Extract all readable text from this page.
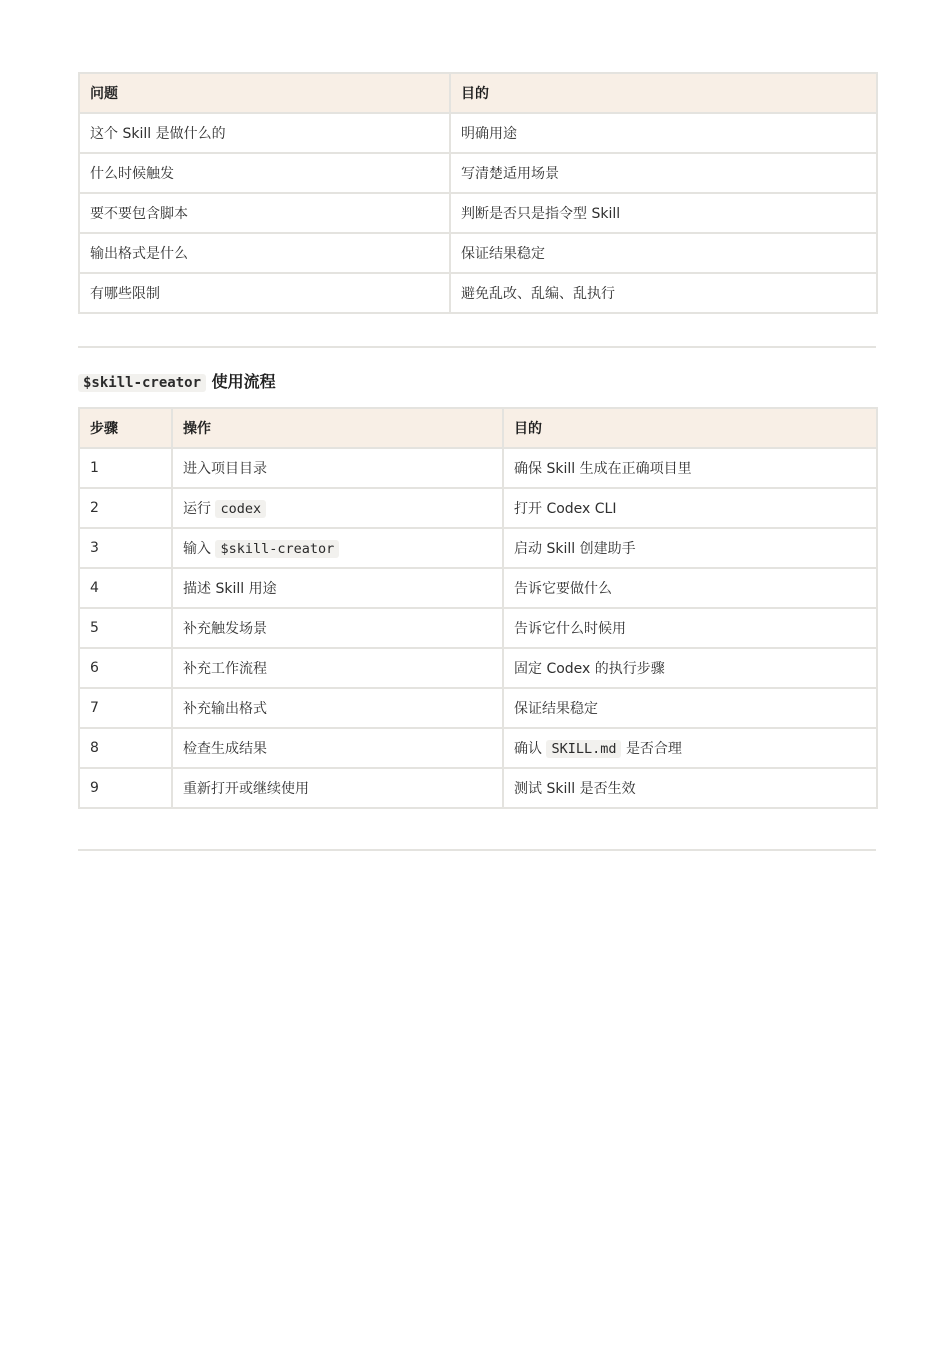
问题	目的
这个 Skill 是做什么的	明确用途
什么时候触发	写清楚适用场景
要不要包含脚本	判断是否只是指令型 Skill
输出格式是什么	保证结果稳定
有哪些限制	避免乱改、乱编、乱执行
$skill-creator 使用流程
步骤	操作	目的
1	进入项目目录	确保 Skill 生成在正确项目里
2	运行 codex	打开 Codex CLI
3	输入 $skill-creator	启动 Skill 创建助手
4	描述 Skill 用途	告诉它要做什么
5	补充触发场景	告诉它什么时候用
6	补充工作流程	固定 Codex 的执行步骤
7	补充输出格式	保证结果稳定
8	检查生成结果	确认 SKILL.md 是否合理
9	重新打开或继续使用	测试 Skill 是否生效
